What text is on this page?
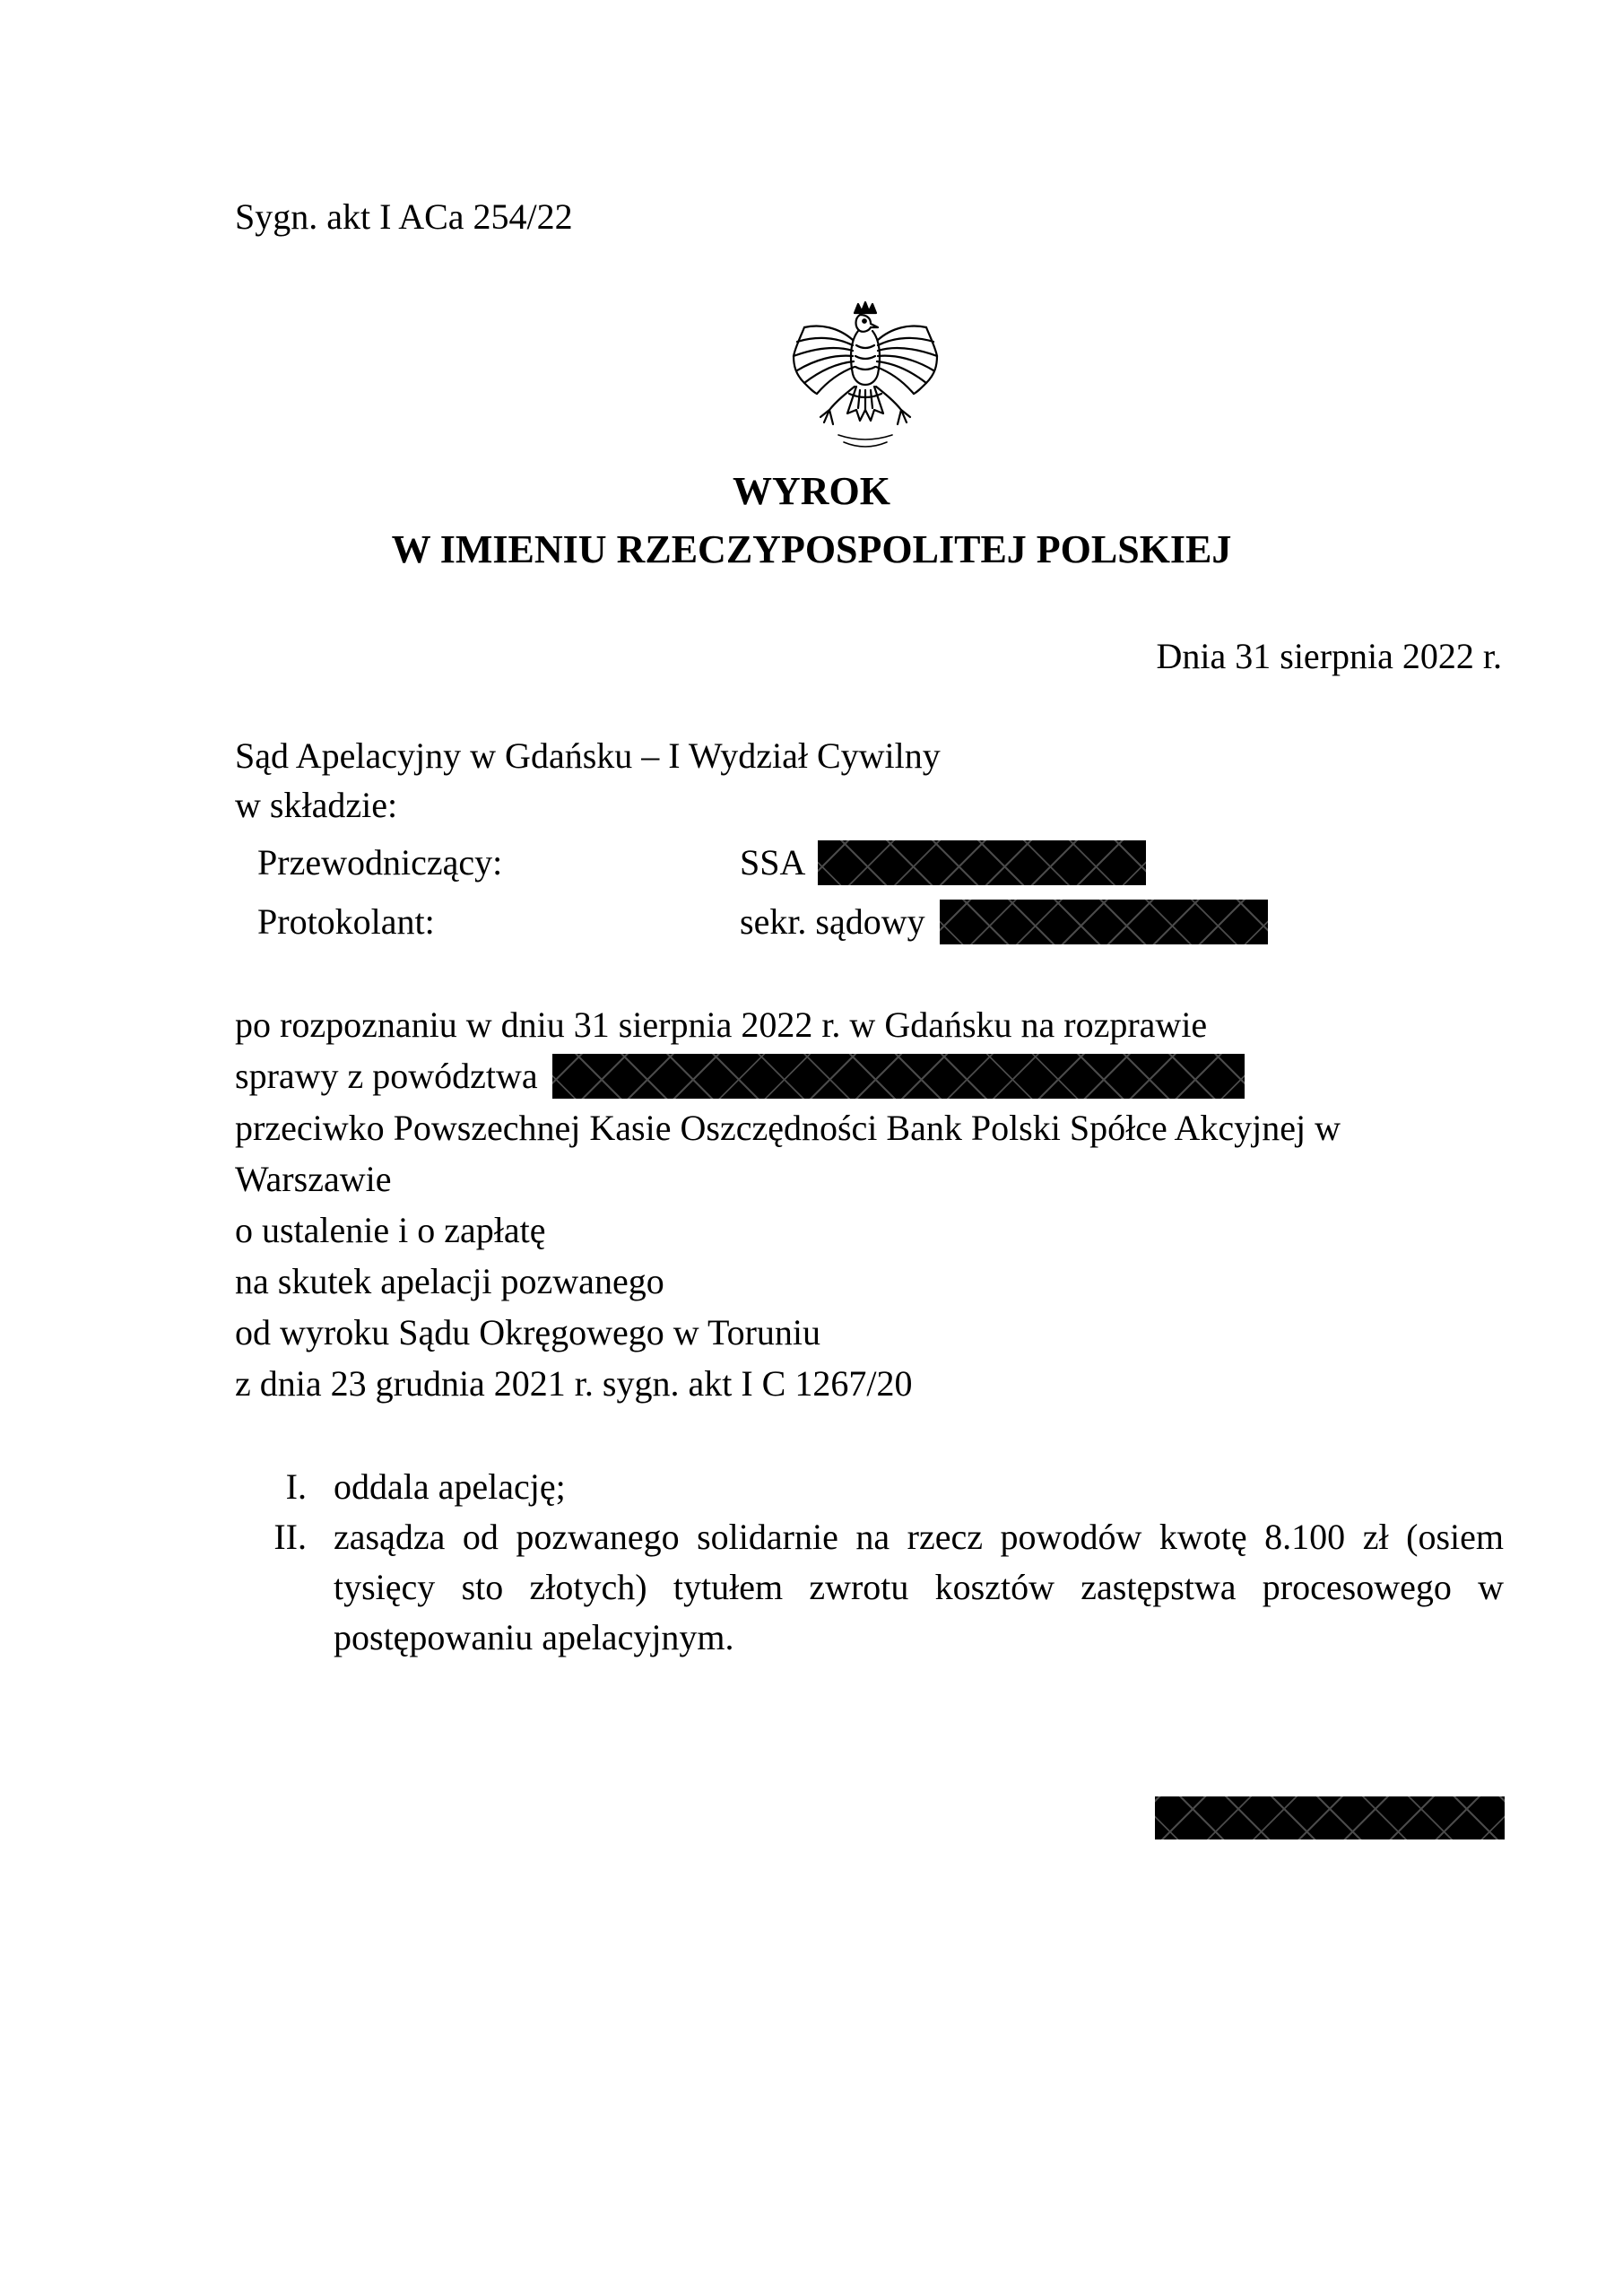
Sygn. akt I ACa 254/22
WYROK
W IMIENIU RZECZYPOSPOLITEJ POLSKIEJ
Dnia 31 sierpnia 2022 r.
Sąd Apelacyjny w Gdańsku – I Wydział Cywilny
w składzie:
Przewodniczący:	SSA
Protokolant:	sekr. sądowy
po rozpoznaniu w dniu 31 sierpnia 2022 r. w Gdańsku na rozprawie
sprawy z powództwa
przeciwko Powszechnej Kasie Oszczędności Bank Polski Spółce Akcyjnej w
Warszawie
o ustalenie i o zapłatę
na skutek apelacji pozwanego
od wyroku Sądu Okręgowego w Toruniu
z dnia 23 grudnia 2021 r. sygn. akt I C 1267/20
I. oddala apelację;
II. zasądza od pozwanego solidarnie na rzecz powodów kwotę 8.100 zł (osiem tysięcy sto złotych) tytułem zwrotu kosztów zastępstwa procesowego w postępowaniu apelacyjnym.
